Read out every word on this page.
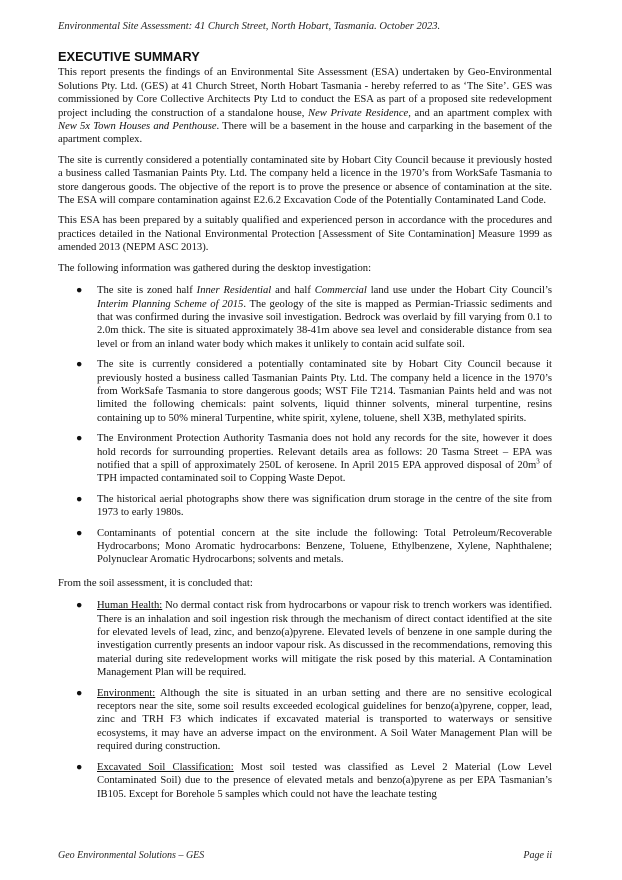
Environmental Site Assessment: 41 Church Street, North Hobart, Tasmania. October 2023.
EXECUTIVE SUMMARY

This report presents the findings of an Environmental Site Assessment (ESA) undertaken by Geo-Environmental Solutions Pty. Ltd. (GES) at 41 Church Street, North Hobart Tasmania - hereby referred to as ‘The Site’. GES was commissioned by Core Collective Architects Pty Ltd to conduct the ESA as part of a proposed site redevelopment project including the construction of a standalone house, New Private Residence, and an apartment complex with New 5x Town Houses and Penthouse. There will be a basement in the house and carparking in the basement of the apartment complex.

The site is currently considered a potentially contaminated site by Hobart City Council because it previously hosted a business called Tasmanian Paints Pty. Ltd. The company held a licence in the 1970’s from WorkSafe Tasmania to store dangerous goods. The objective of the report is to prove the presence or absence of contamination at the site. The ESA will compare contamination against E2.6.2 Excavation Code of the Potentially Contaminated Land Code.

This ESA has been prepared by a suitably qualified and experienced person in accordance with the procedures and practices detailed in the National Environmental Protection [Assessment of Site Contamination] Measure 1999 as amended 2013 (NEPM ASC 2013).

The following information was gathered during the desktop investigation:

● The site is zoned half Inner Residential and half Commercial land use under the Hobart City Council’s Interim Planning Scheme of 2015. The geology of the site is mapped as Permian-Triassic sediments and that was confirmed during the invasive soil investigation. Bedrock was overlaid by fill varying from 0.1 to 2.0m thick. The site is situated approximately 38-41m above sea level and considerable distance from sea level or from an inland water body which makes it unlikely to contain acid sulfate soil.
● The site is currently considered a potentially contaminated site by Hobart City Council because it previously hosted a business called Tasmanian Paints Pty. Ltd. The company held a licence in the 1970’s from WorkSafe Tasmania to store dangerous goods; WST File T214. Tasmanian Paints held and was not limited the following chemicals: paint solvents, liquid thinner solvents, mineral turpentine, resins containing up to 50% mineral Turpentine, white spirit, xylene, toluene, shell X3B, methylated spirits.
● The Environment Protection Authority Tasmania does not hold any records for the site, however it does hold records for surrounding properties. Relevant details area as follows: 20 Tasma Street – EPA was notified that a spill of approximately 250L of kerosene. In April 2015 EPA approved disposal of $20m^3$ of TPH impacted contaminated soil to Copping Waste Depot.
● The historical aerial photographs show there was signification drum storage in the centre of the site from 1973 to early 1980s.
● Contaminants of potential concern at the site include the following: Total Petroleum/Recoverable Hydrocarbons; Mono Aromatic hydrocarbons: Benzene, Toluene, Ethylbenzene, Xylene, Naphthalene; Polynuclear Aromatic Hydrocarbons; solvents and metals.

From the soil assessment, it is concluded that:

● Human Health: No dermal contact risk from hydrocarbons or vapour risk to trench workers was identified. There is an inhalation and soil ingestion risk through the mechanism of direct contact identified at the site for elevated levels of lead, zinc, and benzo(a)pyrene. Elevated levels of benzene in one sample during the investigation currently presents an indoor vapour risk. As discussed in the recommendations, removing this material during site redevelopment works will mitigate the risk posed by this material. A Contamination Management Plan will be required.
● Environment: Although the site is situated in an urban setting and there are no sensitive ecological receptors near the site, some soil results exceeded ecological guidelines for benzo(a)pyrene, copper, lead, zinc and TRH F3 which indicates if excavated material is transported to waterways or sensitive ecosystems, it may have an adverse impact on the environment. A Soil Water Management Plan will be required during construction.
● Excavated Soil Classification: Most soil tested was classified as Level 2 Material (Low Level Contaminated Soil) due to the presence of elevated metals and benzo(a)pyrene as per EPA Tasmanian’s IB105. Except for Borehole 5 samples which could not have the leachate testing
Geo Environmental Solutions – GES	Page ii
